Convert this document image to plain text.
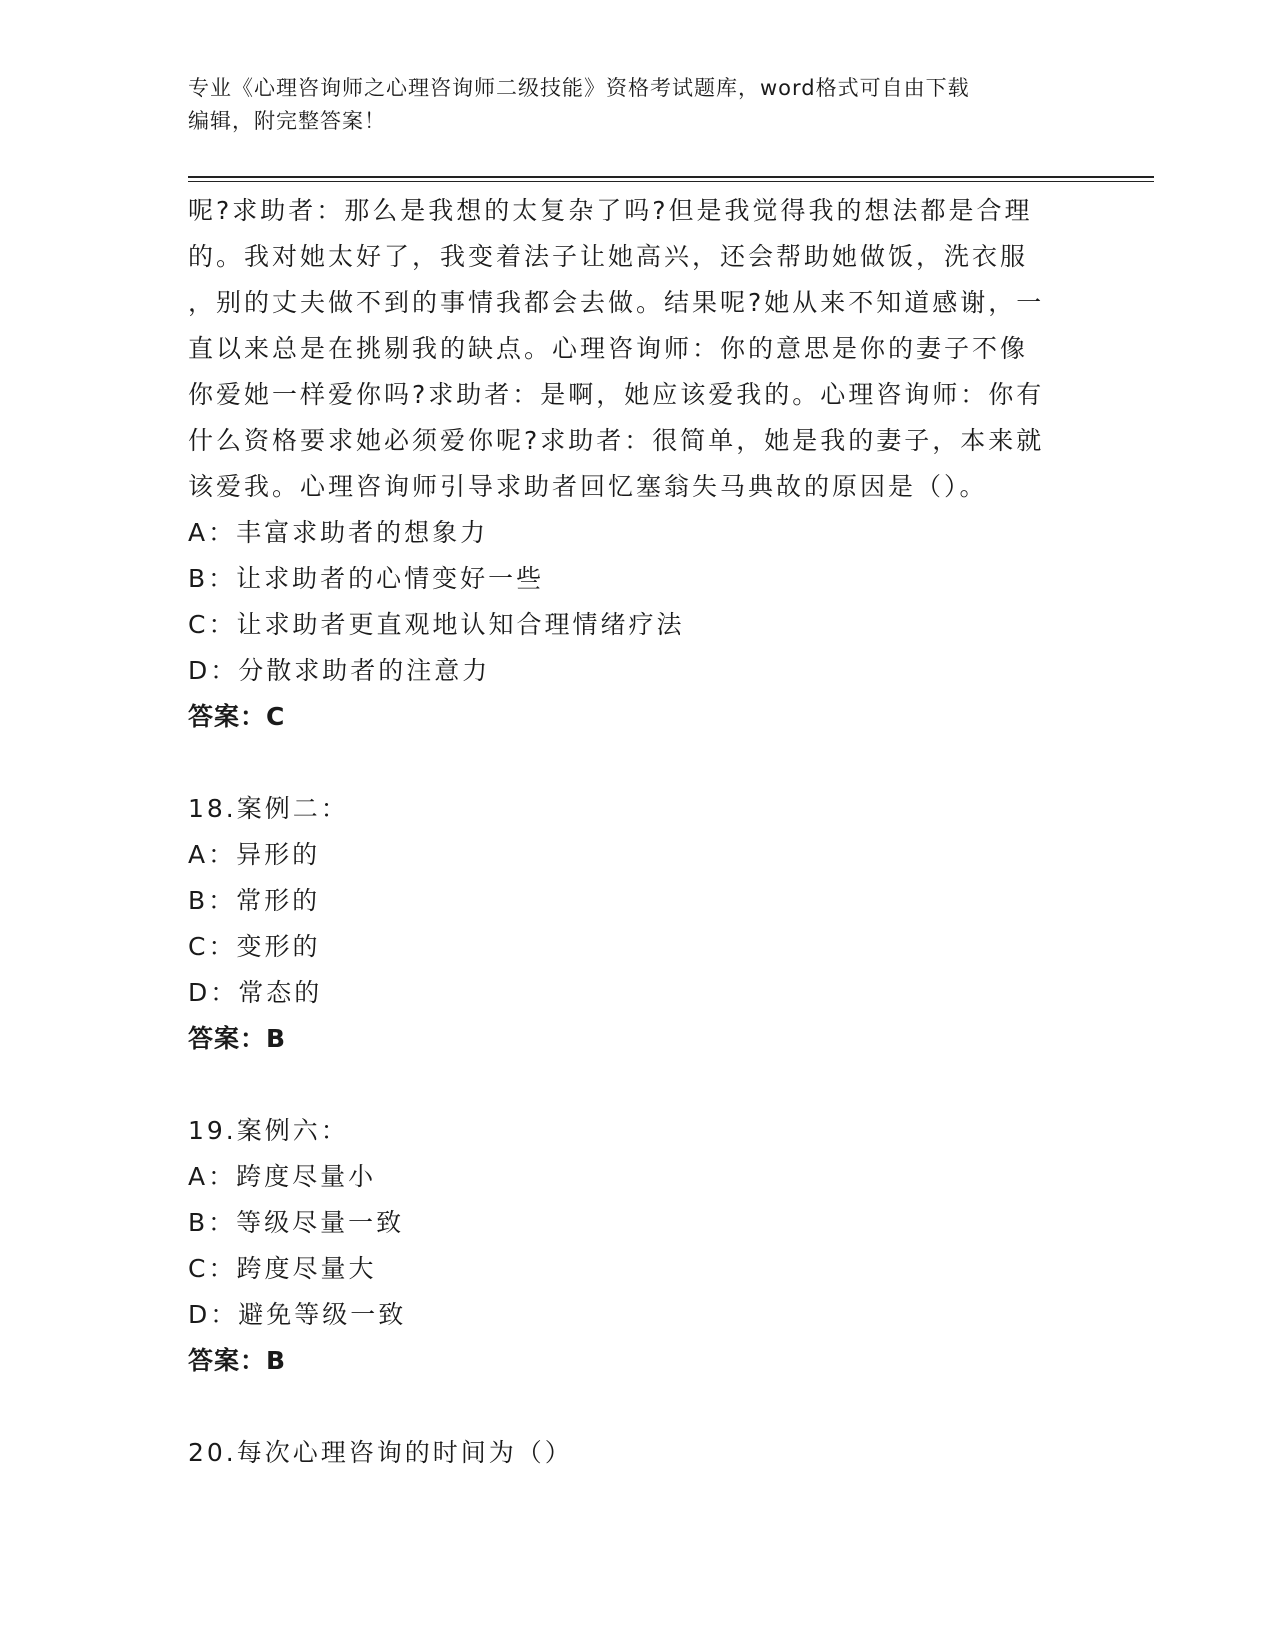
专业《心理咨询师之心理咨询师二级技能》资格考试题库，word格式可自由下载
编辑，附完整答案！
呢?求助者：那么是我想的太复杂了吗?但是我觉得我的想法都是合理
的。我对她太好了，我变着法子让她高兴，还会帮助她做饭，洗衣服
，别的丈夫做不到的事情我都会去做。结果呢?她从来不知道感谢，一
直以来总是在挑剔我的缺点。心理咨询师：你的意思是你的妻子不像
你爱她一样爱你吗?求助者：是啊，她应该爱我的。心理咨询师：你有
什么资格要求她必须爱你呢?求助者：很简单，她是我的妻子，本来就
该爱我。心理咨询师引导求助者回忆塞翁失马典故的原因是（）。
A：丰富求助者的想象力
B：让求助者的心情变好一些
C：让求助者更直观地认知合理情绪疗法
D：分散求助者的注意力
答案：C
18.案例二：
A：异形的
B：常形的
C：变形的
D：常态的
答案：B
19.案例六：
A：跨度尽量小
B：等级尽量一致
C：跨度尽量大
D：避免等级一致
答案：B
20.每次心理咨询的时间为（）
